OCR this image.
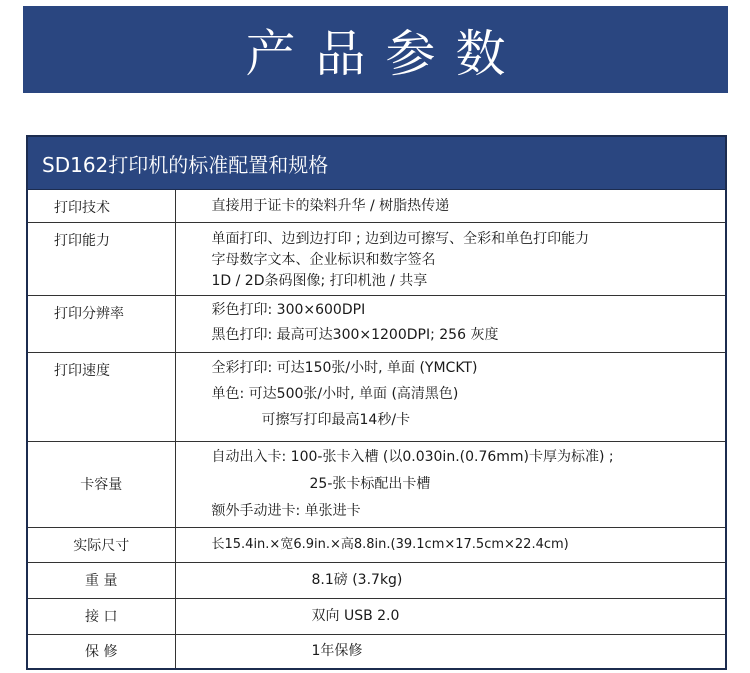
产品参数
SD162打印机的标准配置和规格
打印技术	直接用于证卡的染料升华 / 树脂热传递

打印能力	单面打印、边到边打印 ; 边到边可擦写、全彩和单色打印能力
字母数字文本、企业标识和数字签名
1D / 2D条码图像; 打印机池 / 共享

打印分辨率	彩色打印: 300×600DPI
黑色打印: 最高可达300×1200DPI; 256 灰度

打印速度	全彩打印: 可达150张/小时, 单面 (YMCKT)
单色: 可达500张/小时, 单面 (高清黑色)
可擦写打印最高14秒/卡

卡容量	自动出入卡: 100-张卡入槽 (以0.030in.(0.76mm)卡厚为标准) ;
25-张卡标配出卡槽
额外手动进卡: 单张进卡

实际尺寸	长15.4in.×宽6.9in.×高8.8in.(39.1cm×17.5cm×22.4cm)

重 量	8.1磅 (3.7kg)

接 口	双向 USB 2.0

保 修	1年保修
